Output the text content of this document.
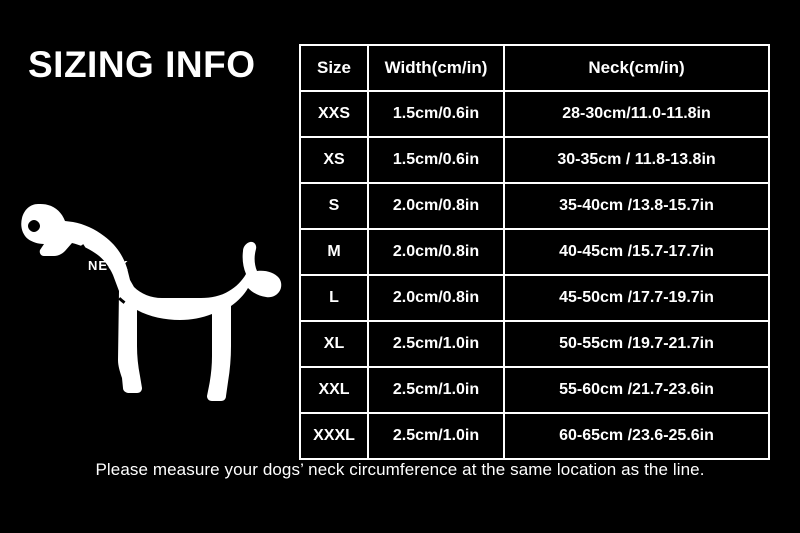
SIZING INFO
NECK
Size	Width(cm/in)	Neck(cm/in)
XXS	1.5cm/0.6in	28-30cm/11.0-11.8in
XS	1.5cm/0.6in	30-35cm / 11.8-13.8in
S	2.0cm/0.8in	35-40cm /13.8-15.7in
M	2.0cm/0.8in	40-45cm /15.7-17.7in
L	2.0cm/0.8in	45-50cm /17.7-19.7in
XL	2.5cm/1.0in	50-55cm /19.7-21.7in
XXL	2.5cm/1.0in	55-60cm /21.7-23.6in
XXXL	2.5cm/1.0in	60-65cm /23.6-25.6in
Please measure your dogs’ neck circumference at the same location as the line.
